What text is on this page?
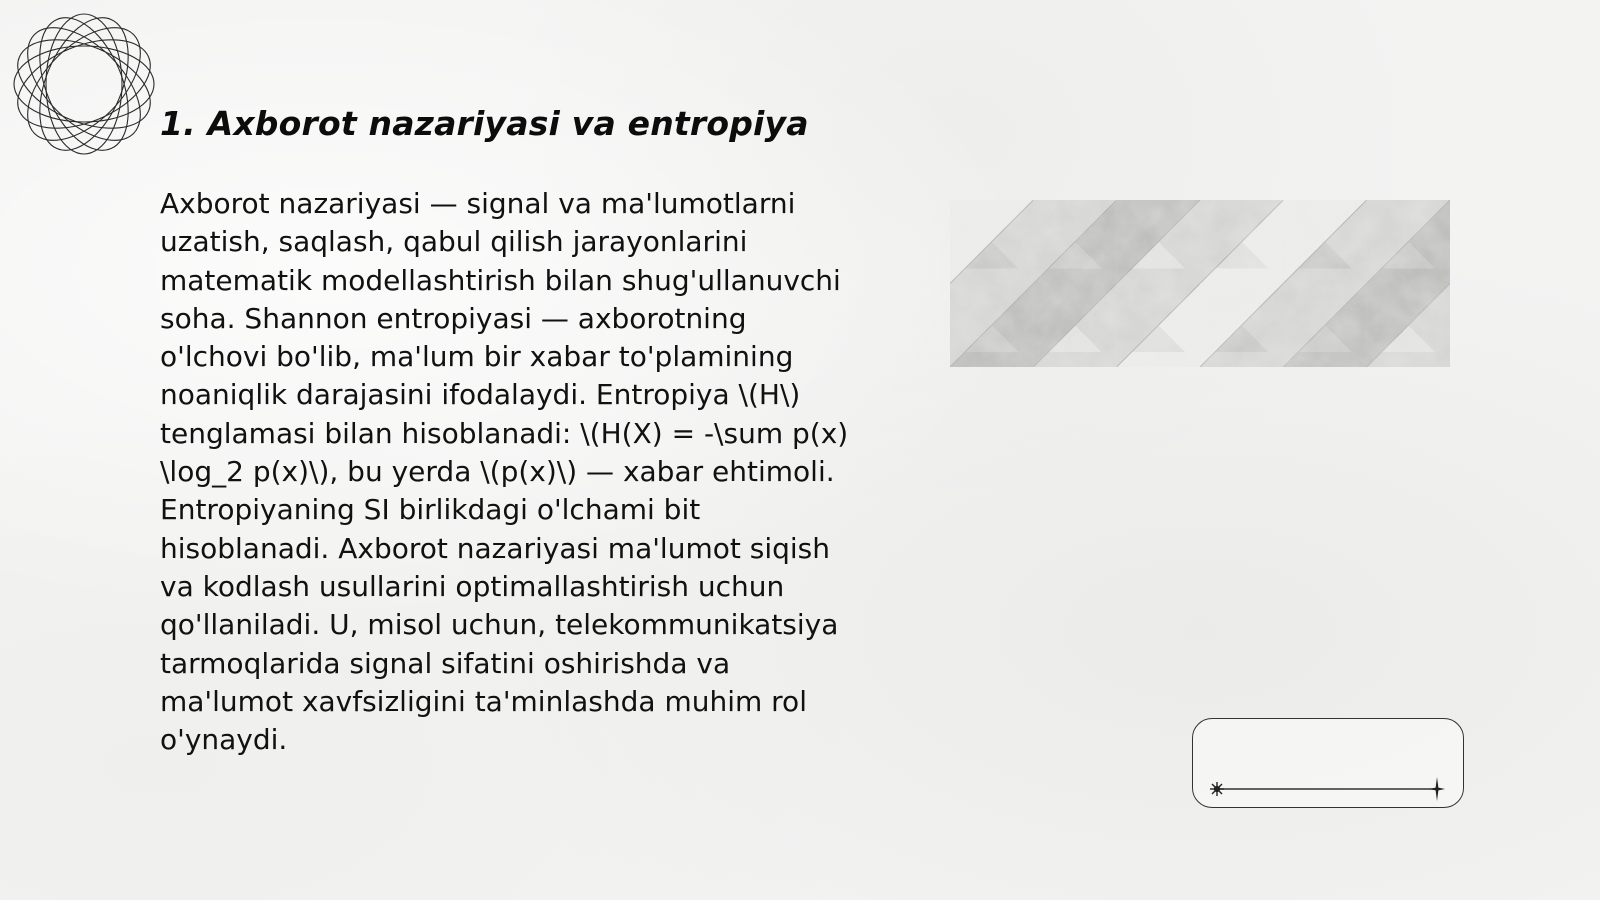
1. Axborot nazariyasi va entropiya

Axborot nazariyasi — signal va ma'lumotlarni uzatish, saqlash, qabul qilish jarayonlarini matematik modellashtirish bilan shug'ullanuvchi soha. Shannon entropiyasi — axborotning o'lchovi bo'lib, ma'lum bir xabar to'plamining noaniqlik darajasini ifodalaydi. Entropiya \(H\) tenglamasi bilan hisoblanadi: \(H(X) = -\sum p(x) \log_2 p(x)\), bu yerda \(p(x)\) — xabar ehtimoli. Entropiyaning SI birlikdagi o'lchami bit hisoblanadi. Axborot nazariyasi ma'lumot siqish va kodlash usullarini optimallashtirish uchun qo'llaniladi. U, misol uchun, telekommunikatsiya tarmoqlarida signal sifatini oshirishda va ma'lumot xavfsizligini ta'minlashda muhim rol o'ynaydi.
